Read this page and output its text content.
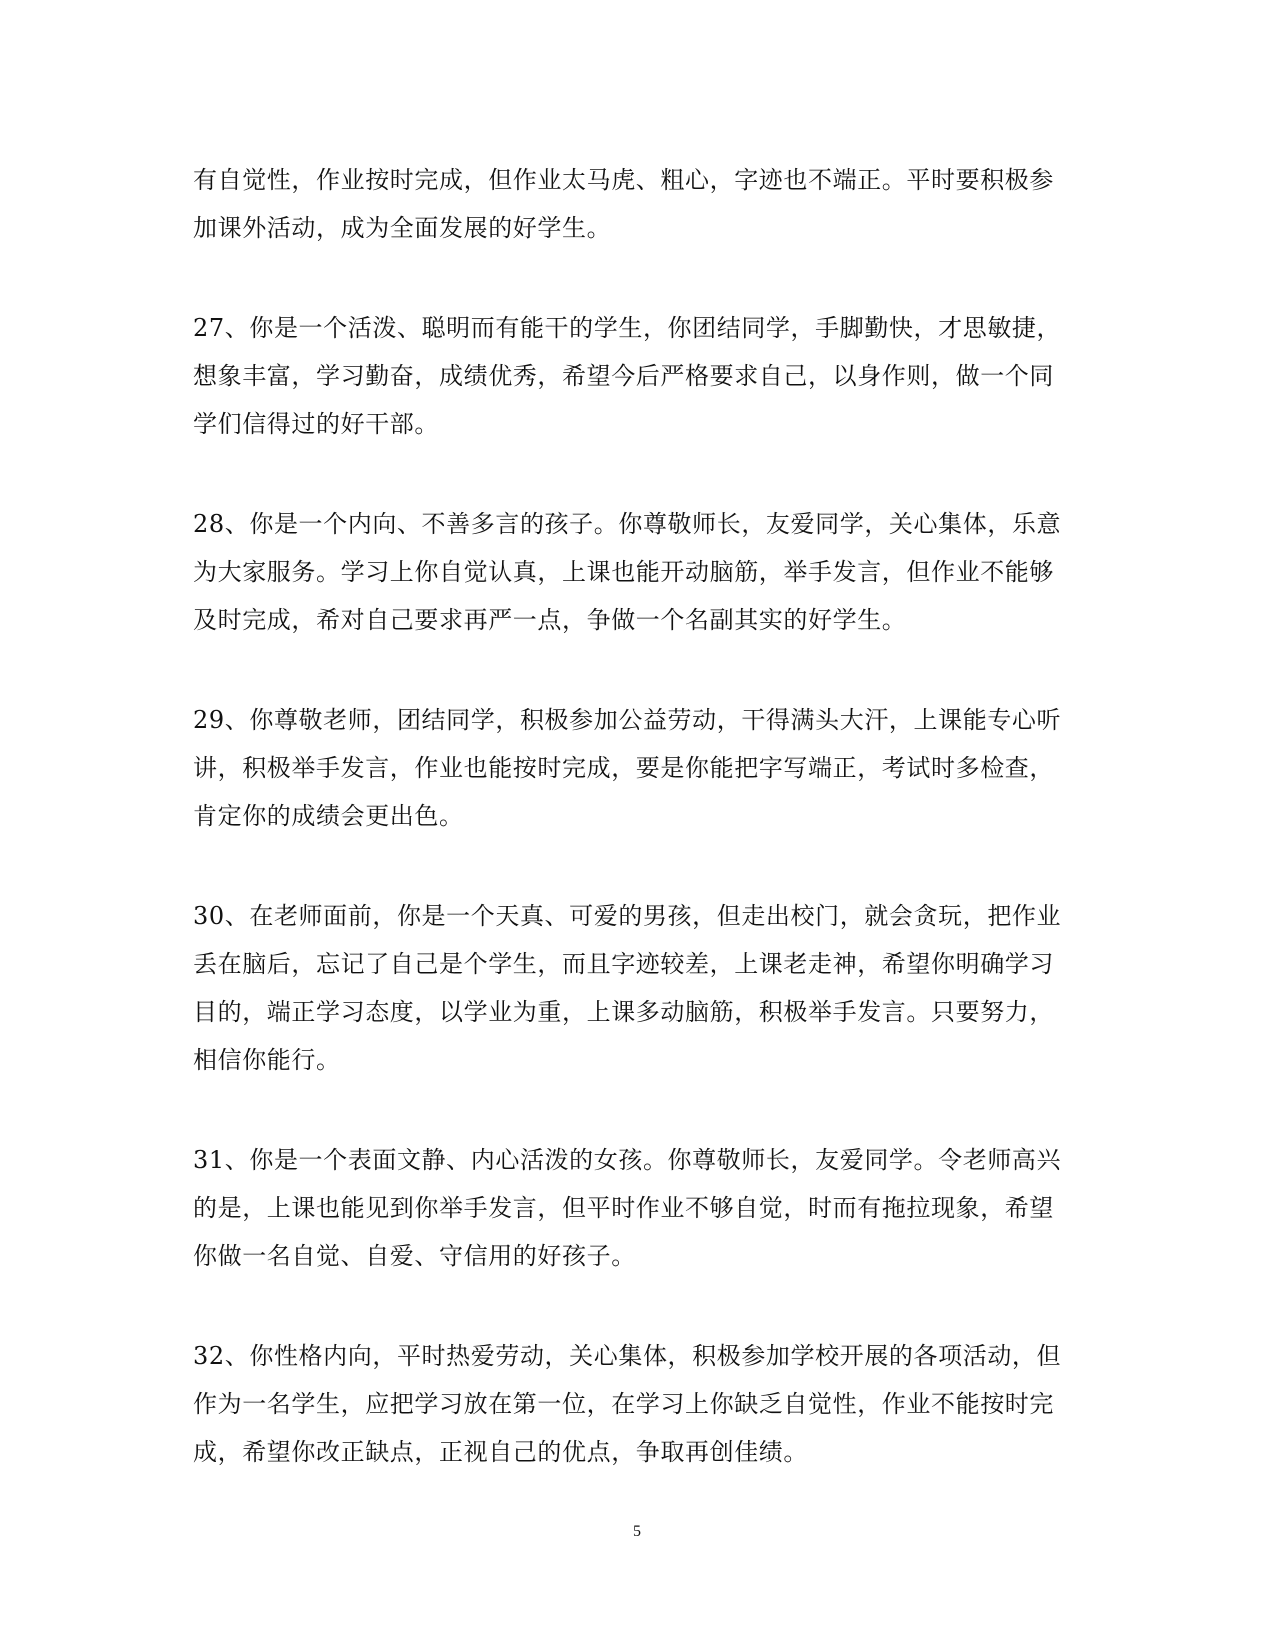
有自觉性，作业按时完成，但作业太马虎、粗心，字迹也不端正。平时要积极参
加课外活动，成为全面发展的好学生。
27、你是一个活泼、聪明而有能干的学生，你团结同学，手脚勤快，才思敏捷，
想象丰富，学习勤奋，成绩优秀，希望今后严格要求自己，以身作则，做一个同
学们信得过的好干部。
28、你是一个内向、不善多言的孩子。你尊敬师长，友爱同学，关心集体，乐意
为大家服务。学习上你自觉认真，上课也能开动脑筋，举手发言，但作业不能够
及时完成，希对自己要求再严一点，争做一个名副其实的好学生。
29、你尊敬老师，团结同学，积极参加公益劳动，干得满头大汗，上课能专心听
讲，积极举手发言，作业也能按时完成，要是你能把字写端正，考试时多检查，
肯定你的成绩会更出色。
30、在老师面前，你是一个天真、可爱的男孩，但走出校门，就会贪玩，把作业
丢在脑后，忘记了自己是个学生，而且字迹较差，上课老走神，希望你明确学习
目的，端正学习态度，以学业为重，上课多动脑筋，积极举手发言。只要努力，
相信你能行。
31、你是一个表面文静、内心活泼的女孩。你尊敬师长，友爱同学。令老师高兴
的是，上课也能见到你举手发言，但平时作业不够自觉，时而有拖拉现象，希望
你做一名自觉、自爱、守信用的好孩子。
32、你性格内向，平时热爱劳动，关心集体，积极参加学校开展的各项活动，但
作为一名学生，应把学习放在第一位，在学习上你缺乏自觉性，作业不能按时完
成，希望你改正缺点，正视自己的优点，争取再创佳绩。
5
